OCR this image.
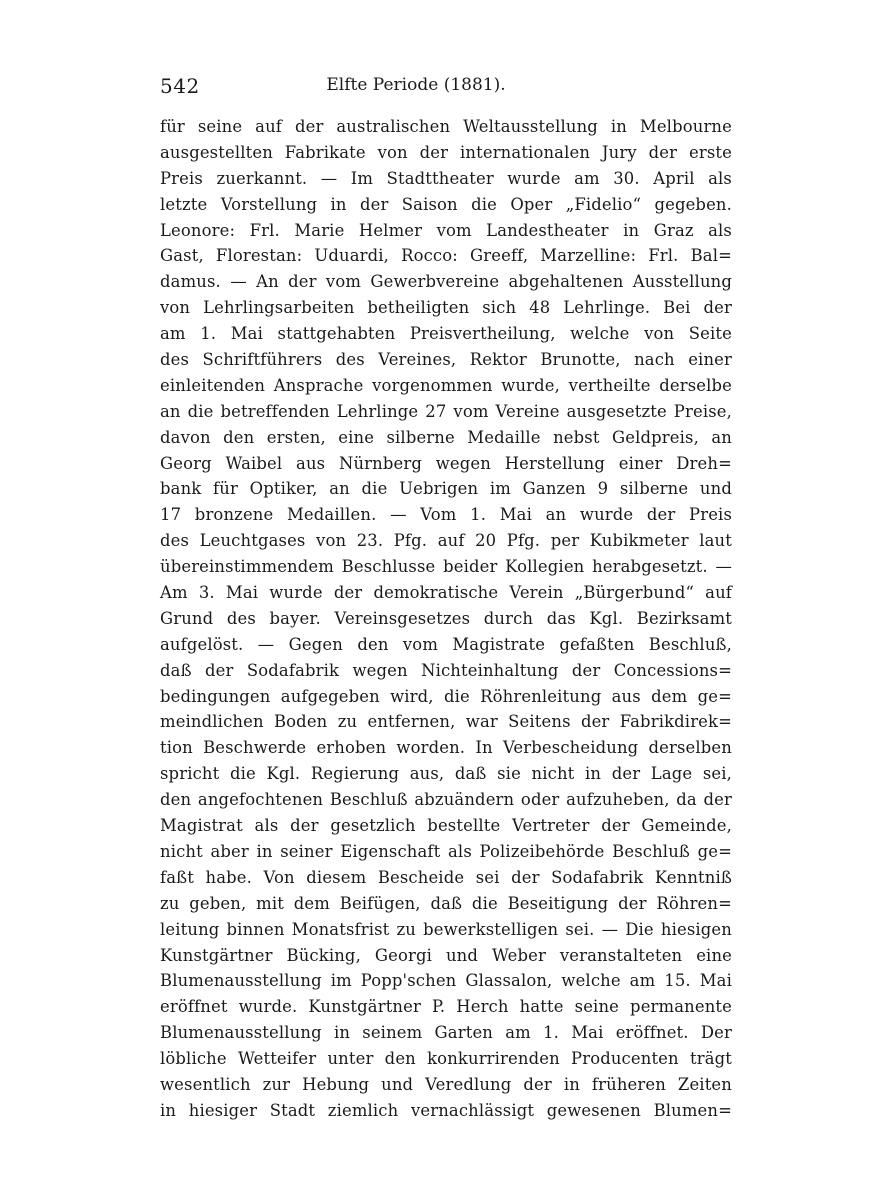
542	Elfte Periode (1881).
für seine auf der australischen Weltausstellung in Melbourne
ausgestellten Fabrikate von der internationalen Jury der erste
Preis zuerkannt. — Im Stadttheater wurde am 30. April als
letzte Vorstellung in der Saison die Oper „Fidelio“ gegeben.
Leonore: Frl. Marie Helmer vom Landestheater in Graz als
Gast, Florestan: Uduardi, Rocco: Greeff, Marzelline: Frl. Bal=
damus. — An der vom Gewerbvereine abgehaltenen Ausstellung
von Lehrlingsarbeiten betheiligten sich 48 Lehrlinge. Bei der
am 1. Mai stattgehabten Preisvertheilung, welche von Seite
des Schriftführers des Vereines, Rektor Brunotte, nach einer
einleitenden Ansprache vorgenommen wurde, vertheilte derselbe
an die betreffenden Lehrlinge 27 vom Vereine ausgesetzte Preise,
davon den ersten, eine silberne Medaille nebst Geldpreis, an
Georg Waibel aus Nürnberg wegen Herstellung einer Dreh=
bank für Optiker, an die Uebrigen im Ganzen 9 silberne und
17 bronzene Medaillen. — Vom 1. Mai an wurde der Preis
des Leuchtgases von 23. Pfg. auf 20 Pfg. per Kubikmeter laut
übereinstimmendem Beschlusse beider Kollegien herabgesetzt. —
Am 3. Mai wurde der demokratische Verein „Bürgerbund“ auf
Grund des bayer. Vereinsgesetzes durch das Kgl. Bezirksamt
aufgelöst. — Gegen den vom Magistrate gefaßten Beschluß,
daß der Sodafabrik wegen Nichteinhaltung der Concessions=
bedingungen aufgegeben wird, die Röhrenleitung aus dem ge=
meindlichen Boden zu entfernen, war Seitens der Fabrikdirek=
tion Beschwerde erhoben worden. In Verbescheidung derselben
spricht die Kgl. Regierung aus, daß sie nicht in der Lage sei,
den angefochtenen Beschluß abzuändern oder aufzuheben, da der
Magistrat als der gesetzlich bestellte Vertreter der Gemeinde,
nicht aber in seiner Eigenschaft als Polizeibehörde Beschluß ge=
faßt habe. Von diesem Bescheide sei der Sodafabrik Kenntniß
zu geben, mit dem Beifügen, daß die Beseitigung der Röhren=
leitung binnen Monatsfrist zu bewerkstelligen sei. — Die hiesigen
Kunstgärtner Bücking, Georgi und Weber veranstalteten eine
Blumenausstellung im Popp'schen Glassalon, welche am 15. Mai
eröffnet wurde. Kunstgärtner P. Herch hatte seine permanente
Blumenausstellung in seinem Garten am 1. Mai eröffnet. Der
löbliche Wetteifer unter den konkurrirenden Producenten trägt
wesentlich zur Hebung und Veredlung der in früheren Zeiten
in hiesiger Stadt ziemlich vernachlässigt gewesenen Blumen=
